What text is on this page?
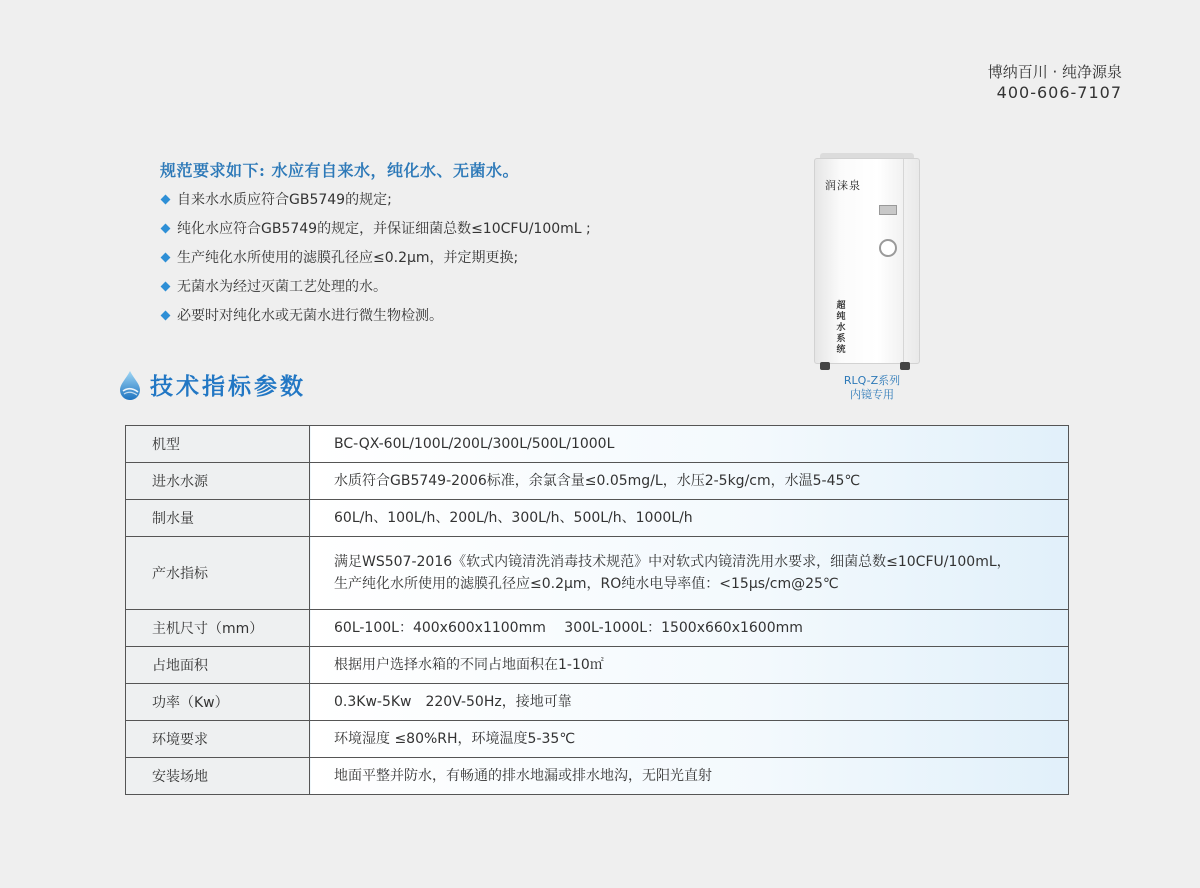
博纳百川 · 纯净源泉
400-606-7107
规范要求如下: 水应有自来水，纯化水、无菌水。
自来水水质应符合GB5749的规定;
纯化水应符合GB5749的规定，并保证细菌总数≤10CFU/100mL ;
生产纯化水所使用的滤膜孔径应≤0.2μm，并定期更换;
无菌水为经过灭菌工艺处理的水。
必要时对纯化水或无菌水进行微生物检测。
润涞泉
超纯水系统
RLQ-Z系列
内镜专用
技术指标参数
机型	BC-QX-60L/100L/200L/300L/500L/1000L
进水水源	水质符合GB5749-2006标准，余氯含量≤0.05mg/L，水压2-5kg/cm，水温5-45℃
制水量	60L/h、100L/h、200L/h、300L/h、500L/h、1000L/h
产水指标	满足WS507-2016《软式内镜清洗消毒技术规范》中对软式内镜清洗用水要求，细菌总数≤10CFU/100mL，
生产纯化水所使用的滤膜孔径应≤0.2μm，RO纯水电导率值：<15μs/cm@25℃

主机尺寸（mm）	60L-100L：400x600x1100mm　 300L-1000L：1500x660x1600mm
占地面积	根据用户选择水箱的不同占地面积在1-10㎡
功率（Kw）	0.3Kw-5Kw　220V-50Hz，接地可靠
环境要求	环境湿度 ≤80%RH，环境温度5-35℃
安装场地	地面平整并防水，有畅通的排水地漏或排水地沟，无阳光直射
